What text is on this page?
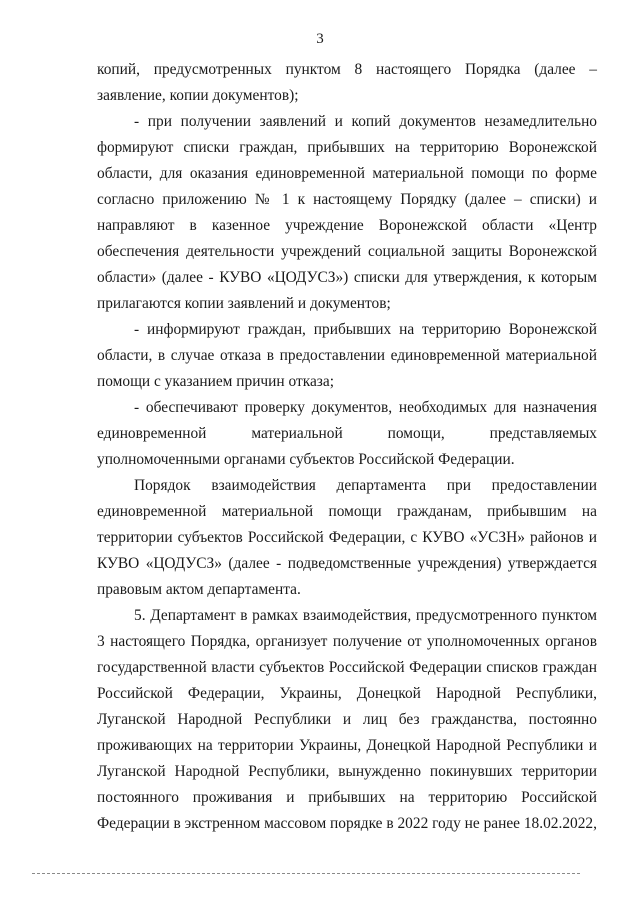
3

копий, предусмотренных пунктом 8 настоящего Порядка (далее – заявление, копии документов);

- при получении заявлений и копий документов незамедлительно формируют списки граждан, прибывших на территорию Воронежской области, для оказания единовременной материальной помощи по форме согласно приложению № 1 к настоящему Порядку (далее – списки) и направляют в казенное учреждение Воронежской области «Центр обеспечения деятельности учреждений социальной защиты Воронежской области» (далее - КУВО «ЦОДУСЗ») списки для утверждения, к которым прилагаются копии заявлений и документов;

- информируют граждан, прибывших на территорию Воронежской области, в случае отказа в предоставлении единовременной материальной помощи с указанием причин отказа;

- обеспечивают проверку документов, необходимых для назначения единовременной материальной помощи, представляемых уполномоченными органами субъектов Российской Федерации.

Порядок взаимодействия департамента при предоставлении единовременной материальной помощи гражданам, прибывшим на территории субъектов Российской Федерации, с КУВО «УСЗН» районов и КУВО «ЦОДУСЗ» (далее - подведомственные учреждения) утверждается правовым актом департамента.

5. Департамент в рамках взаимодействия, предусмотренного пунктом 3 настоящего Порядка, организует получение от уполномоченных органов государственной власти субъектов Российской Федерации списков граждан Российской Федерации, Украины, Донецкой Народной Республики, Луганской Народной Республики и лиц без гражданства, постоянно проживающих на территории Украины, Донецкой Народной Республики и Луганской Народной Республики, вынужденно покинувших территории постоянного проживания и прибывших на территорию Российской Федерации в экстренном массовом порядке в 2022 году не ранее 18.02.2022,
